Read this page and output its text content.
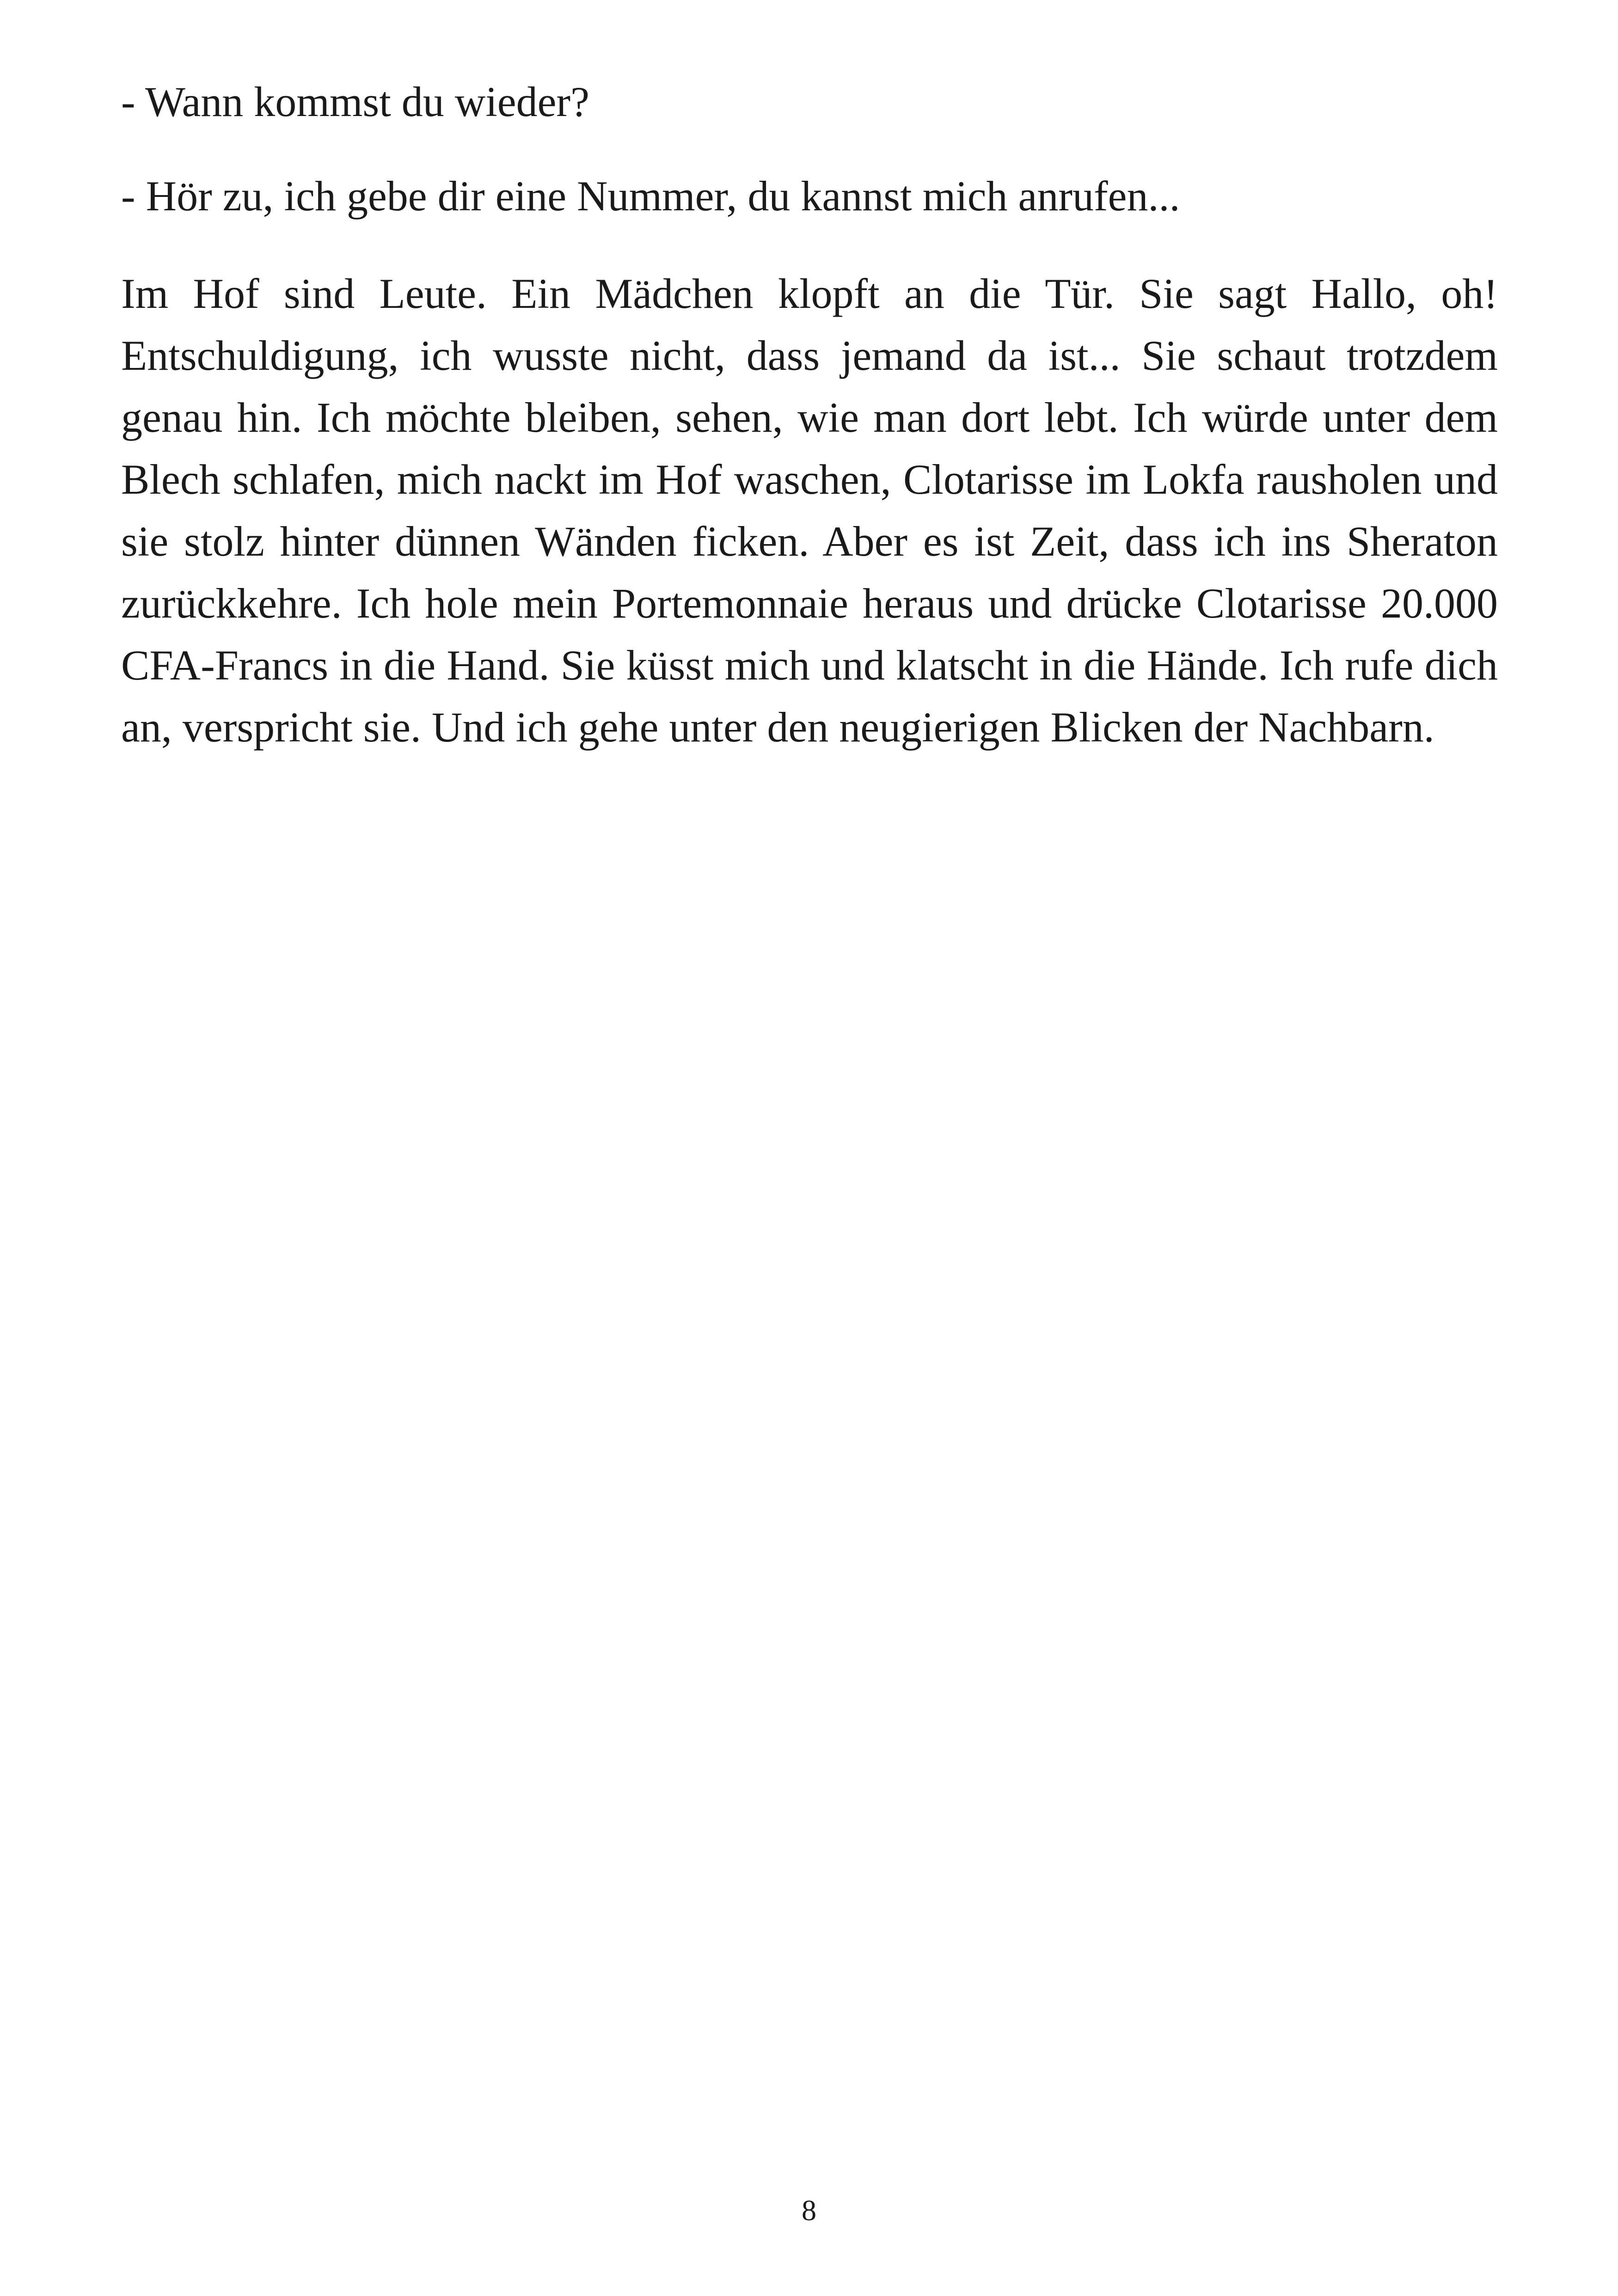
- Wann kommst du wieder?

- Hör zu, ich gebe dir eine Nummer, du kannst mich anrufen...

Im Hof sind Leute. Ein Mädchen klopft an die Tür. Sie sagt Hallo, oh! Entschuldigung, ich wusste nicht, dass jemand da ist... Sie schaut trotzdem genau hin. Ich möchte bleiben, sehen, wie man dort lebt. Ich würde unter dem Blech schlafen, mich nackt im Hof waschen, Clotarisse im Lokfa rausholen und sie stolz hinter dünnen Wänden ficken. Aber es ist Zeit, dass ich ins Sheraton zurückkehre. Ich hole mein Portemonnaie heraus und drücke Clotarisse 20.000 CFA-Francs in die Hand. Sie küsst mich und klatscht in die Hände. Ich rufe dich an, verspricht sie. Und ich gehe unter den neugierigen Blicken der Nachbarn.

8
